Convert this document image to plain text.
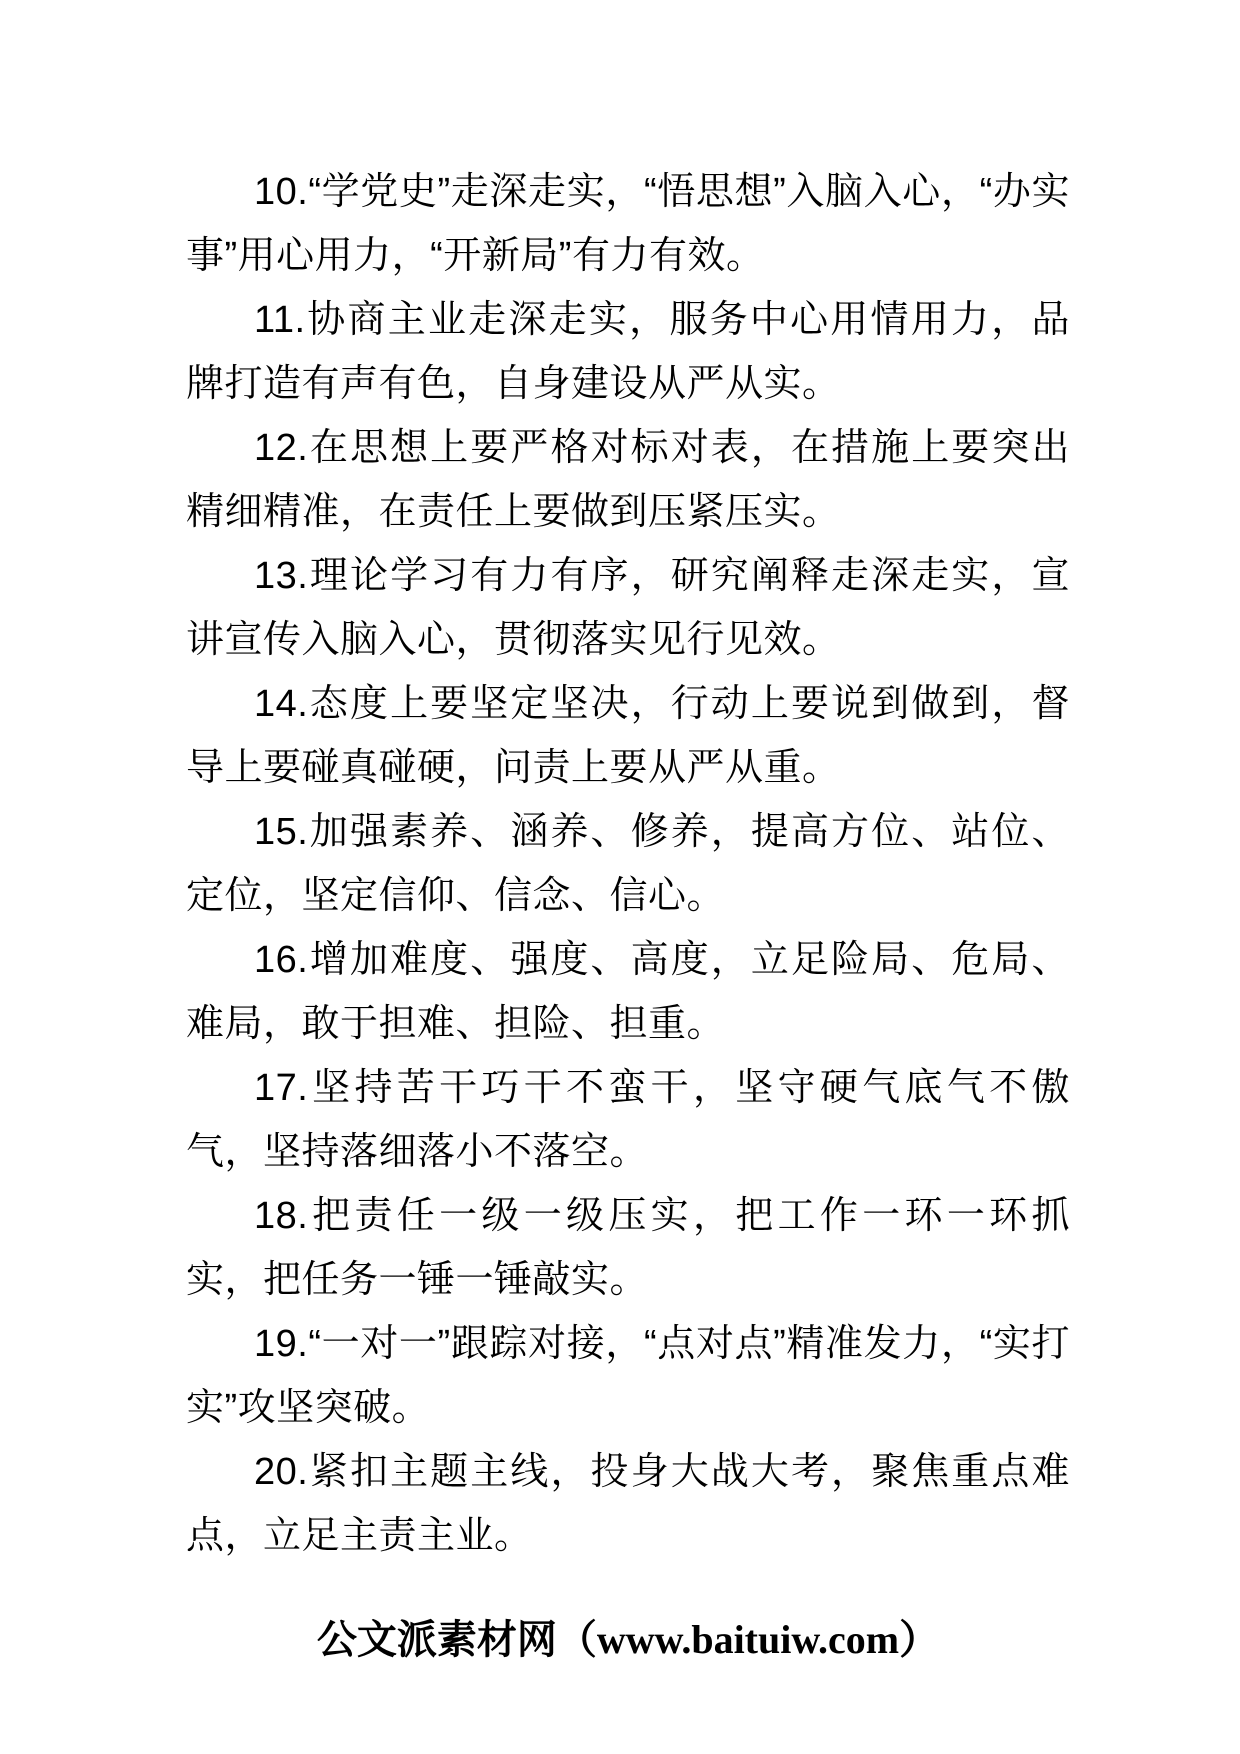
10.“学党史”走深走实，“悟思想”入脑入心，“办实事”用心用力，“开新局”有力有效。

11.协商主业走深走实，服务中心用情用力，品牌打造有声有色，自身建设从严从实。

12.在思想上要严格对标对表，在措施上要突出精细精准，在责任上要做到压紧压实。

13.理论学习有力有序，研究阐释走深走实，宣讲宣传入脑入心，贯彻落实见行见效。

14.态度上要坚定坚决，行动上要说到做到，督导上要碰真碰硬，问责上要从严从重。

15.加强素养、涵养、修养，提高方位、站位、定位，坚定信仰、信念、信心。

16.增加难度、强度、高度，立足险局、危局、难局，敢于担难、担险、担重。

17.坚持苦干巧干不蛮干，坚守硬气底气不傲气，坚持落细落小不落空。

18.把责任一级一级压实，把工作一环一环抓实，把任务一锤一锤敲实。

19.“一对一”跟踪对接，“点对点”精准发力，“实打实”攻坚突破。

20.紧扣主题主线，投身大战大考，聚焦重点难点，立足主责主业。

公文派素材网（www.baituiw.com）
